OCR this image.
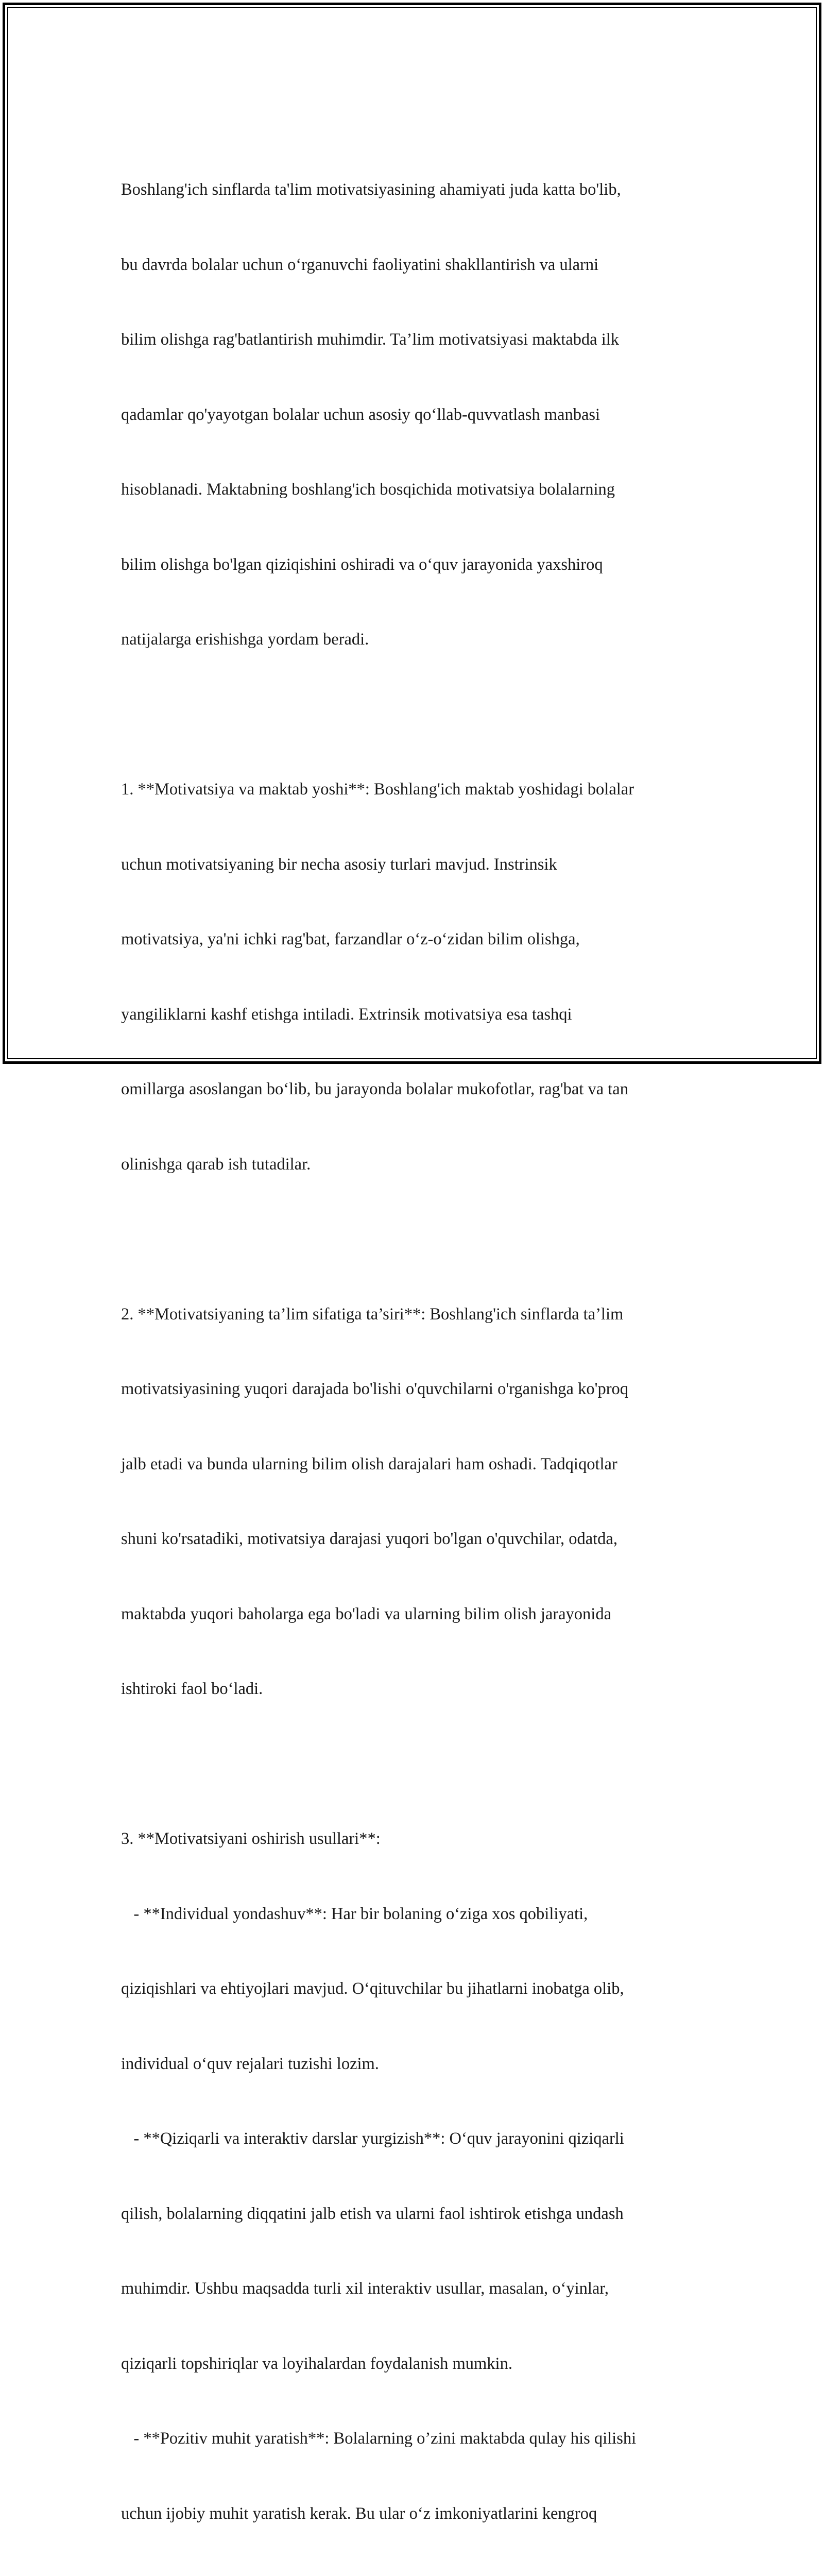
Boshlang'ich sinflarda ta'lim motivatsiyasining ahamiyati juda katta bo'lib,

bu davrda bolalar uchun oʻrganuvchi faoliyatini shakllantirish va ularni

bilim olishga rag'batlantirish muhimdir. Ta’lim motivatsiyasi maktabda ilk

qadamlar qo'yayotgan bolalar uchun asosiy qoʻllab-quvvatlash manbasi

hisoblanadi. Maktabning boshlang'ich bosqichida motivatsiya bolalarning

bilim olishga bo'lgan qiziqishini oshiradi va oʻquv jarayonida yaxshiroq

natijalarga erishishga yordam beradi.

1. **Motivatsiya va maktab yoshi**: Boshlang'ich maktab yoshidagi bolalar

uchun motivatsiyaning bir necha asosiy turlari mavjud. Instrinsik

motivatsiya, ya'ni ichki rag'bat, farzandlar oʻz-oʻzidan bilim olishga,

yangiliklarni kashf etishga intiladi. Extrinsik motivatsiya esa tashqi

omillarga asoslangan boʻlib, bu jarayonda bolalar mukofotlar, rag'bat va tan

olinishga qarab ish tutadilar.

2. **Motivatsiyaning ta’lim sifatiga ta’siri**: Boshlang'ich sinflarda ta’lim

motivatsiyasining yuqori darajada bo'lishi o'quvchilarni o'rganishga ko'proq

jalb etadi va bunda ularning bilim olish darajalari ham oshadi. Tadqiqotlar

shuni ko'rsatadiki, motivatsiya darajasi yuqori bo'lgan o'quvchilar, odatda,

maktabda yuqori baholarga ega bo'ladi va ularning bilim olish jarayonida

ishtiroki faol boʻladi.

3. **Motivatsiyani oshirish usullari**:

- **Individual yondashuv**: Har bir bolaning oʻziga xos qobiliyati,

qiziqishlari va ehtiyojlari mavjud. Oʻqituvchilar bu jihatlarni inobatga olib,

individual oʻquv rejalari tuzishi lozim.

- **Qiziqarli va interaktiv darslar yurgizish**: Oʻquv jarayonini qiziqarli

qilish, bolalarning diqqatini jalb etish va ularni faol ishtirok etishga undash

muhimdir. Ushbu maqsadda turli xil interaktiv usullar, masalan, oʻyinlar,

qiziqarli topshiriqlar va loyihalardan foydalanish mumkin.

- **Pozitiv muhit yaratish**: Bolalarning o’zini maktabda qulay his qilishi

uchun ijobiy muhit yaratish kerak. Bu ular oʻz imkoniyatlarini kengroq
